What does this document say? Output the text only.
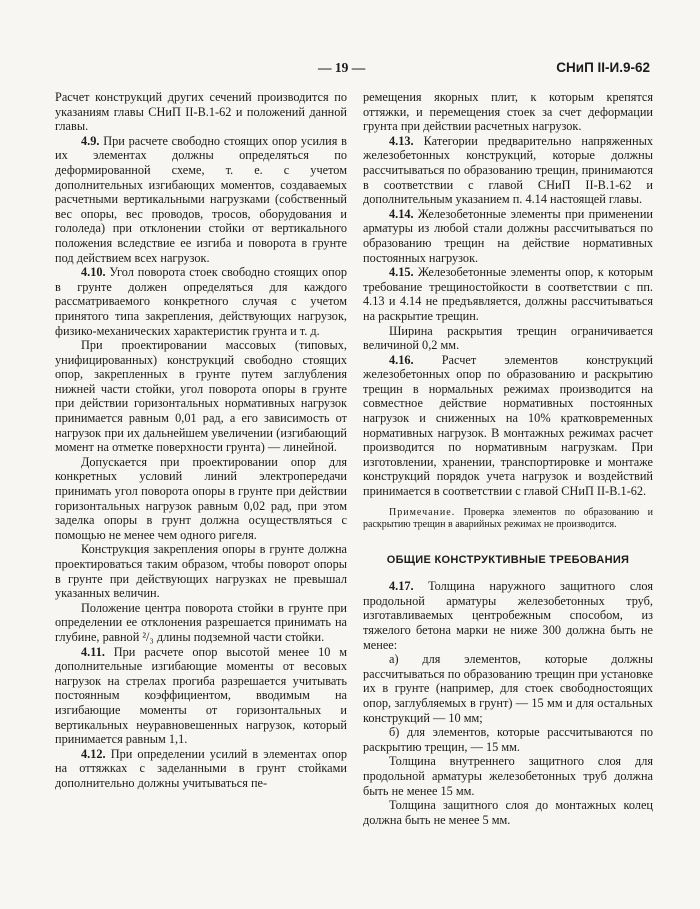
— 19 —	СНиП II-И.9-62

Расчет конструкций других сечений производится по указаниям главы СНиП II-В.1-62 и положений данной главы.

4.9. При расчете свободно стоящих опор усилия в их элементах должны определяться по деформированной схеме, т. е. с учетом дополнительных изгибающих моментов, создаваемых расчетными вертикальными нагрузками (собственный вес опоры, вес проводов, тросов, оборудования и гололеда) при отклонении стойки от вертикального положения вследствие ее изгиба и поворота в грунте под действием всех нагрузок.

4.10. Угол поворота стоек свободно стоящих опор в грунте должен определяться для каждого рассматриваемого конкретного случая с учетом принятого типа закрепления, действующих нагрузок, физико-механических характеристик грунта и т. д.

При проектировании массовых (типовых, унифицированных) конструкций свободно стоящих опор, закрепленных в грунте путем заглубления нижней части стойки, угол поворота опоры в грунте при действии горизонтальных нормативных нагрузок принимается равным 0,01 рад, а его зависимость от нагрузок при их дальнейшем увеличении (изгибающий момент на отметке поверхности грунта) — линейной.

Допускается при проектировании опор для конкретных условий линий электропередачи принимать угол поворота опоры в грунте при действии горизонтальных нагрузок равным 0,02 рад, при этом заделка опоры в грунт должна осуществляться с помощью не менее чем одного ригеля.

Конструкция закрепления опоры в грунте должна проектироваться таким образом, чтобы поворот опоры в грунте при действующих нагрузках не превышал указанных величин.

Положение центра поворота стойки в грунте при определении ее отклонения разрешается принимать на глубине, равной ²/₃ длины подземной части стойки.

4.11. При расчете опор высотой менее 10 м дополнительные изгибающие моменты от весовых нагрузок на стрелах прогиба разрешается учитывать постоянным коэффициентом, вводимым на изгибающие моменты от горизонтальных и вертикальных неуравновешенных нагрузок, который принимается равным 1,1.

4.12. При определении усилий в элементах опор на оттяжках с заделанными в грунт стойками дополнительно должны учитываться пе-

ремещения якорных плит, к которым крепятся оттяжки, и перемещения стоек за счет деформации грунта при действии расчетных нагрузок.

4.13. Категории предварительно напряженных железобетонных конструкций, которые должны рассчитываться по образованию трещин, принимаются в соответствии с главой СНиП II-В.1-62 и дополнительным указанием п. 4.14 настоящей главы.

4.14. Железобетонные элементы при применении арматуры из любой стали должны рассчитываться по образованию трещин на действие нормативных постоянных нагрузок.

4.15. Железобетонные элементы опор, к которым требование трещиностойкости в соответствии с пп. 4.13 и 4.14 не предъявляется, должны рассчитываться на раскрытие трещин.

Ширина раскрытия трещин ограничивается величиной 0,2 мм.

4.16. Расчет элементов конструкций железобетонных опор по образованию и раскрытию трещин в нормальных режимах производится на совместное действие нормативных постоянных нагрузок и сниженных на 10% кратковременных нормативных нагрузок. В монтажных режимах расчет производится по нормативным нагрузкам. При изготовлении, хранении, транспортировке и монтаже конструкций порядок учета нагрузок и воздействий принимается в соответствии с главой СНиП II-В.1-62.

Примечание. Проверка элементов по образованию и раскрытию трещин в аварийных режимах не производится.

ОБЩИЕ КОНСТРУКТИВНЫЕ ТРЕБОВАНИЯ

4.17. Толщина наружного защитного слоя продольной арматуры железобетонных труб, изготавливаемых центробежным способом, из тяжелого бетона марки не ниже 300 должна быть не менее:

а) для элементов, которые должны рассчитываться по образованию трещин при установке их в грунте (например, для стоек свободностоящих опор, заглубляемых в грунт) — 15 мм и для остальных конструкций — 10 мм;

б) для элементов, которые рассчитываются по раскрытию трещин, — 15 мм.

Толщина внутреннего защитного слоя для продольной арматуры железобетонных труб должна быть не менее 15 мм.

Толщина защитного слоя до монтажных колец должна быть не менее 5 мм.
